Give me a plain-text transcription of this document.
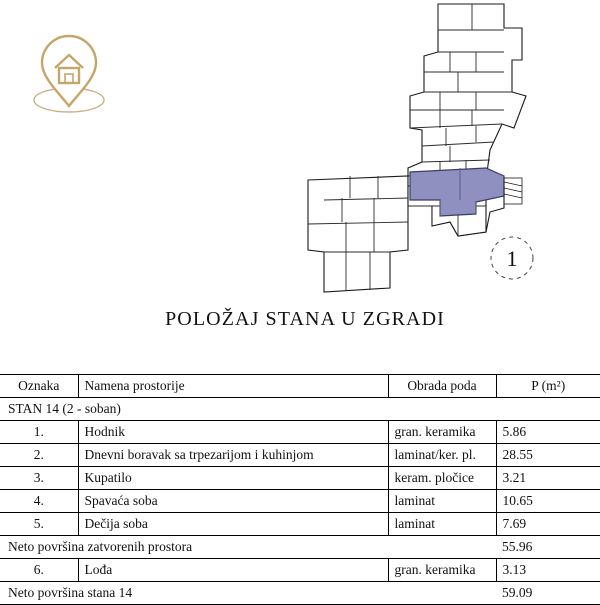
1
POLOŽAJ STANA U ZGRADI
Oznaka	Namena prostorije	Obrada poda	P (m²)
STAN 14 (2 - soban)			
1.	Hodnik	gran. keramika	5.86
2.	Dnevni boravak sa trpezarijom i kuhinjom	laminat/ker. pl.	28.55
3.	Kupatilo	keram. pločice	3.21
4.	Spavaća soba	laminat	10.65
5.	Dečija soba	laminat	7.69
Neto površina zatvorenih prostora			55.96
6.	Lođa	gran. keramika	3.13
Neto površina stana 14			59.09
